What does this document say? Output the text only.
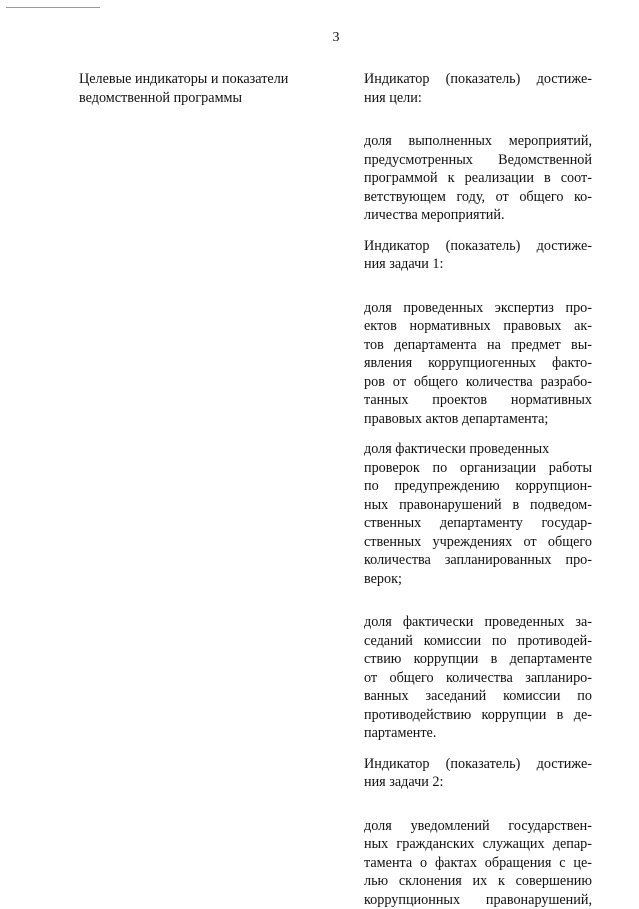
3
Целевые индикаторы и показатели
ведомственной программы
Индикатор (показатель) достиже-
ния цели:
доля выполненных мероприятий,
предусмотренных Ведомственной
программой к реализации в соот-
ветствующем году, от общего ко-
личества мероприятий.
Индикатор (показатель) достиже-
ния задачи 1:
доля проведенных экспертиз про-
ектов нормативных правовых ак-
тов департамента на предмет вы-
явления коррупциогенных факто-
ров от общего количества разрабо-
танных проектов нормативных
правовых актов департамента;
доля фактически проведенных
проверок по организации работы
по предупреждению коррупцион-
ных правонарушений в подведом-
ственных департаменту государ-
ственных учреждениях от общего
количества запланированных про-
верок;
доля фактически проведенных за-
седаний комиссии по противодей-
ствию коррупции в департаменте
от общего количества запланиро-
ванных заседаний комиссии по
противодействию коррупции в де-
партаменте.
Индикатор (показатель) достиже-
ния задачи 2:
доля уведомлений государствен-
ных гражданских служащих депар-
тамента о фактах обращения с це-
лью склонения их к совершению
коррупционных правонарушений,
